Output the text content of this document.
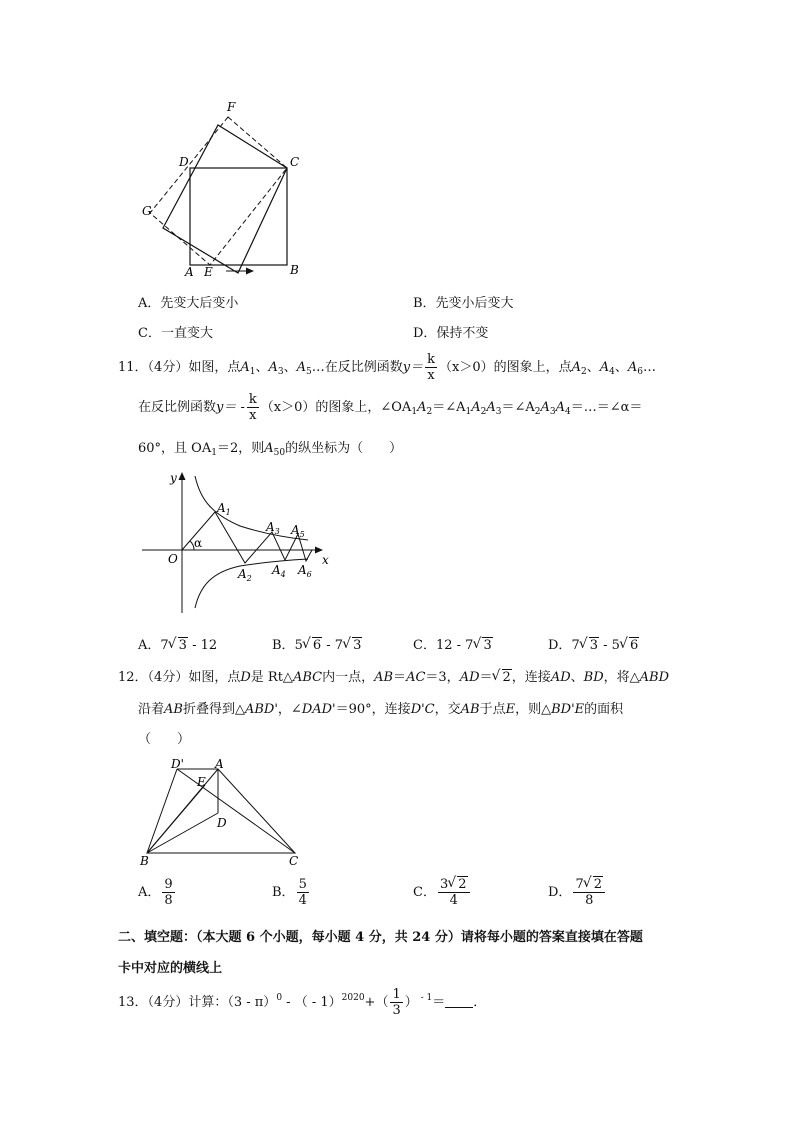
F
D	C
G
A E	B
A．先变大后变小	B．先变小后变大
C．一直变大	D．保持不变
11．（4分）如图，点$A_1$、$A_3$、$A_5\dots$在反比例函数$y= \frac{k}{x} (x>0)$的图象上，点$A_2$、$A_4$、$A_6\dots$
在反比例函数$y= - \frac{k}{x} (x>0)$的图象上，$\angle OA_1A_2=\angle A_1A_2A_3=\angle A_2A_3A_4=\dots=\angle\alpha=$
60°，且 $OA_1=2$，则$A_{50}$的纵坐标为（　　）
y
x
O
α
$A_1$
$A_2$
$A_3$
$A_4$
$A_5$
$A_6$
A．7 √ 3 - 12	B．5 √ 6 - 7 √ 3	C．12 - 7 √ 3	D．7 √ 3 - 5 √ 6
12．（4分）如图，点D是 Rt△ABC内一点，AB＝AC＝3，AD＝ √ 2，连接AD、BD，将△ABD
沿着AB折叠得到△ABD'，∠DAD'＝90°，连接D'C，交AB于点E，则△BD'E的面积
（　　）
D'	A
E
D
B	C
A． $\frac{9}{8}$	B． $\frac{5}{4}$	C． $\frac{3 √ 2}{4}$	D． $\frac{7 √ 2}{8}$
二、填空题：（本大题 6 个小题，每小题 4 分，共 24 分）请将每小题的答案直接填在答题
卡中对应的横线上
13．（4分）计算：（3 - π）$^0$ - （ - $1)^{2020}+( \frac{1}{3}$ ） $^{- 1}$＝ ．
